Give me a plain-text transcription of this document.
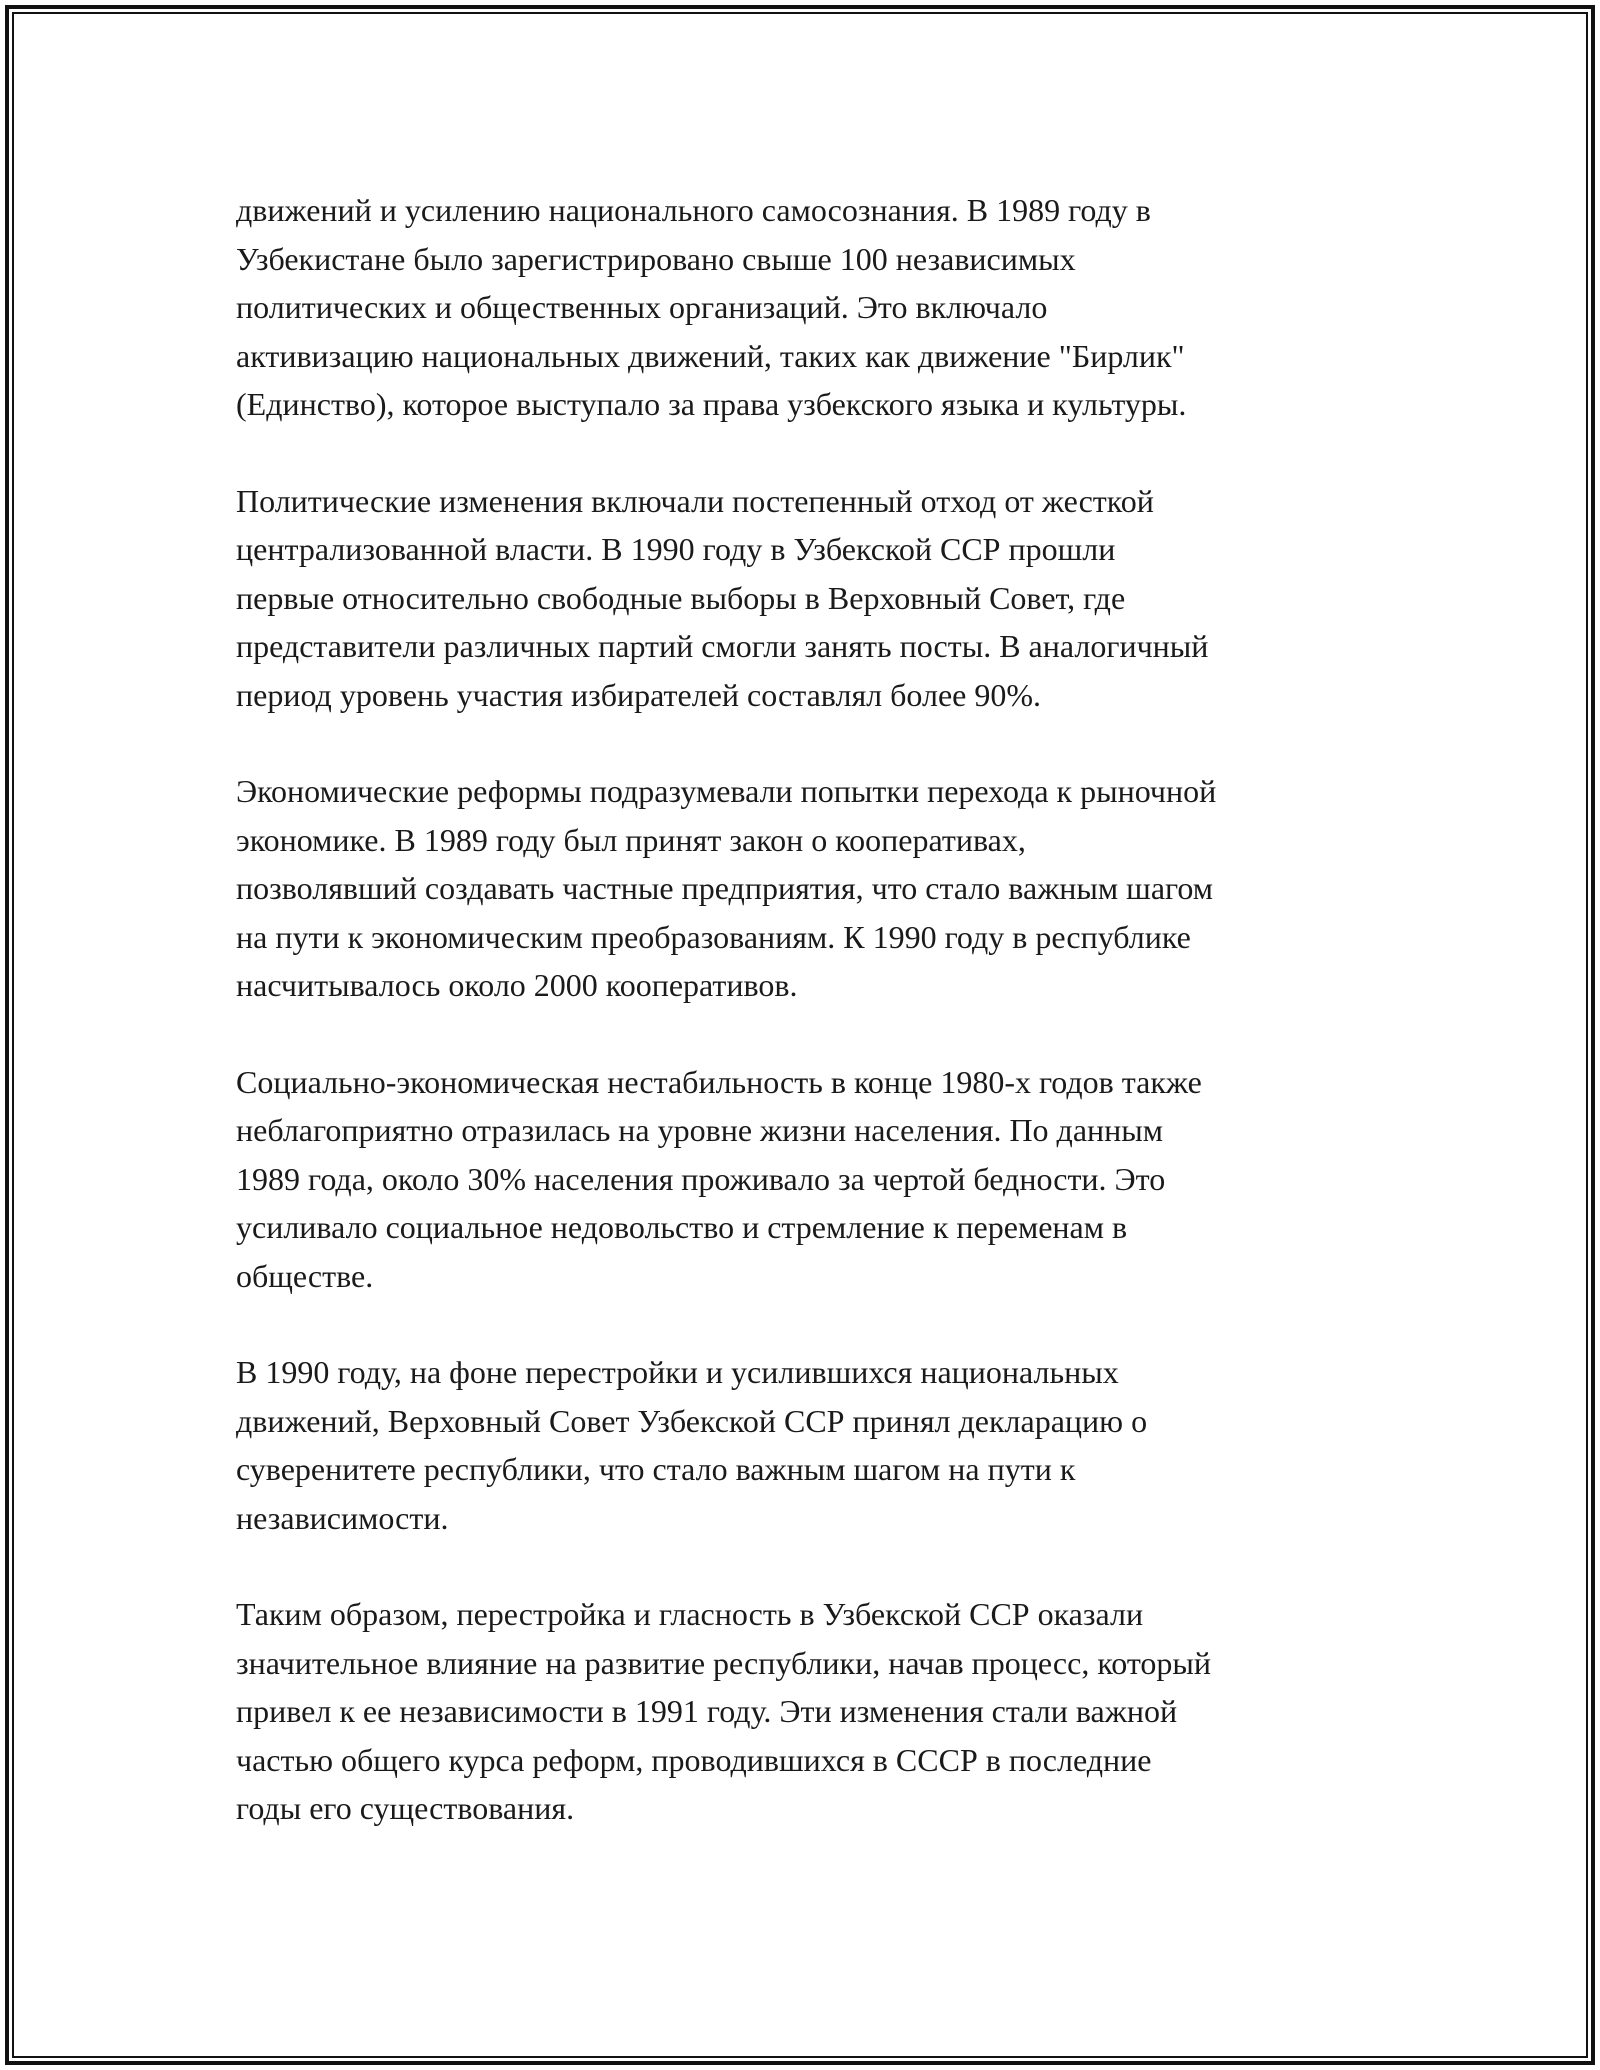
движений и усилению национального самосознания. В 1989 году в
Узбекистане было зарегистрировано свыше 100 независимых
политических и общественных организаций. Это включало
активизацию национальных движений, таких как движение "Бирлик"
(Единство), которое выступало за права узбекского языка и культуры.

Политические изменения включали постепенный отход от жесткой
централизованной власти. В 1990 году в Узбекской ССР прошли
первые относительно свободные выборы в Верховный Совет, где
представители различных партий смогли занять посты. В аналогичный
период уровень участия избирателей составлял более 90%.

Экономические реформы подразумевали попытки перехода к рыночной
экономике. В 1989 году был принят закон о кооперативах,
позволявший создавать частные предприятия, что стало важным шагом
на пути к экономическим преобразованиям. К 1990 году в республике
насчитывалось около 2000 кооперативов.

Социально-экономическая нестабильность в конце 1980-х годов также
неблагоприятно отразилась на уровне жизни населения. По данным
1989 года, около 30% населения проживало за чертой бедности. Это
усиливало социальное недовольство и стремление к переменам в
обществе.

В 1990 году, на фоне перестройки и усилившихся национальных
движений, Верховный Совет Узбекской ССР принял декларацию о
суверенитете республики, что стало важным шагом на пути к
независимости.

Таким образом, перестройка и гласность в Узбекской ССР оказали
значительное влияние на развитие республики, начав процесс, который
привел к ее независимости в 1991 году. Эти изменения стали важной
частью общего курса реформ, проводившихся в СССР в последние
годы его существования.
